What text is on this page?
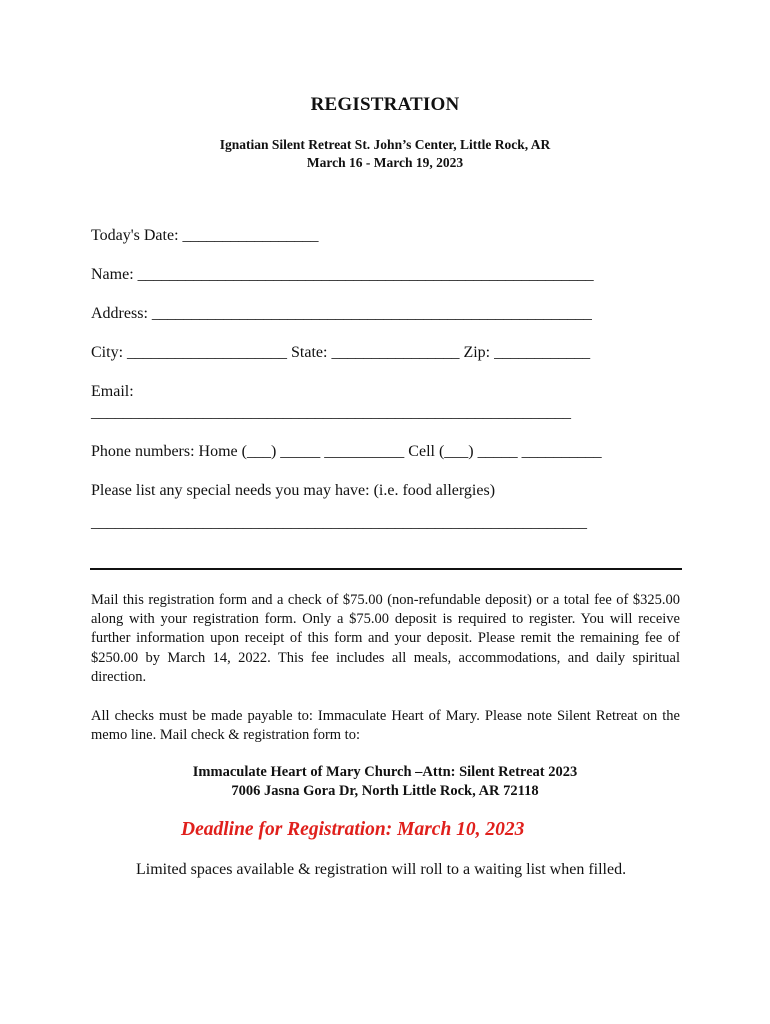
REGISTRATION
Ignatian Silent Retreat St. John’s Center, Little Rock, AR
March 16 - March 19, 2023
Today's Date: _________________
Name: _________________________________________________________
Address: _______________________________________________________
City: ____________________ State: ________________ Zip: ____________
Email:
____________________________________________________________
Phone numbers: Home (___) _____ __________ Cell (___) _____ __________
Please list any special needs you may have: (i.e. food allergies)
______________________________________________________________
Mail this registration form and a check of $75.00 (non-refundable deposit) or a total fee of $325.00 along with your registration form. Only a $75.00 deposit is required to register. You will receive further information upon receipt of this form and your deposit. Please remit the remaining fee of $250.00 by March 14, 2022. This fee includes all meals, accommodations, and daily spiritual direction.
All checks must be made payable to: Immaculate Heart of Mary. Please note Silent Retreat on the memo line. Mail check & registration form to:
Immaculate Heart of Mary Church –Attn: Silent Retreat 2023
7006 Jasna Gora Dr, North Little Rock, AR 72118
Deadline for Registration: March 10, 2023
Limited spaces available & registration will roll to a waiting list when filled.
